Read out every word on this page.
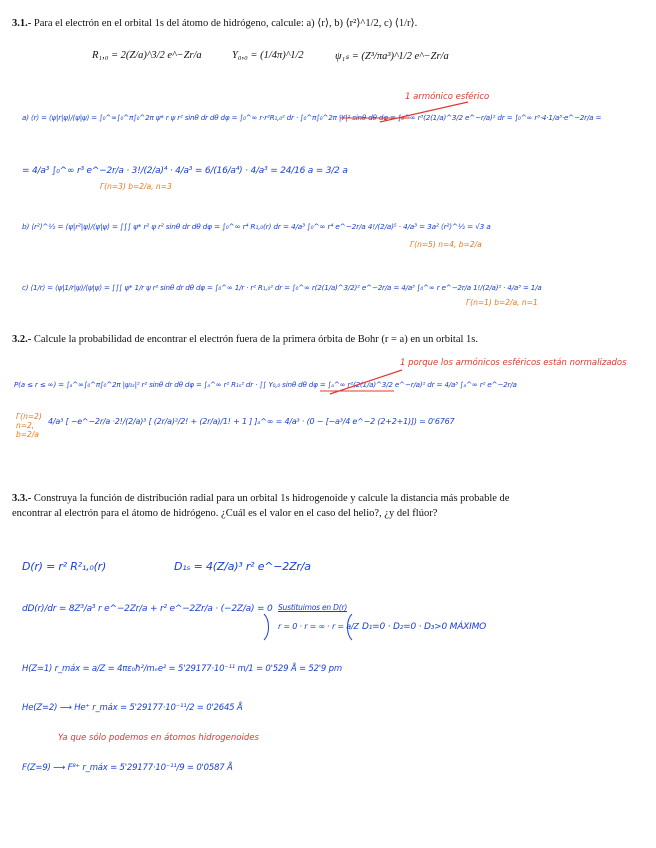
3.1.- Para el electrón en el orbital 1s del átomo de hidrógeno, calcule: a) ⟨r⟩, b) ⟨r²⟩^1/2, c) ⟨1/r⟩.
R₁,₀ = 2(Z/a)^3/2 e^−Zr/a	Y₀,₀ = (1/4π)^1/2	ψ₁ₛ = (Z³/πa³)^1/2 e^−Zr/a
a) ⟨r⟩ = ⟨ψ|r|ψ⟩/⟨ψ|ψ⟩ = ∫₀^∞∫₀^π∫₀^2π ψ* r ψ r² sinθ dr dθ dφ = ∫₀^∞ r·r²R₁,₀² dr · ∫₀^π∫₀^2π |Y|² sinθ dθ dφ = ∫₀^∞ r³(2(1/a)^3/2 e^−r/a)² dr = ∫₀^∞ r³·4·1/a³·e^−2r/a =
= 4/a³ ∫₀^∞ r³ e^−2r/a · 3!/(2/a)⁴ · 4/a³ = 6/(16/a⁴) · 4/a³ = 24/16 a = 3/2 a
Γ(n=3) b=2/a, n=3
b) ⟨r²⟩^½ = ⟨ψ|r²|ψ⟩/⟨ψ|ψ⟩ = ∫∫∫ ψ* r² ψ r² sinθ dr dθ dφ = ∫₀^∞ r⁴ R₁,₀(r) dr = 4/a³ ∫₀^∞ r⁴ e^−2r/a 4!/(2/a)⁵ · 4/a³ = 3a² ⟨r²⟩^½ = √3 a
Γ(n=5) n=4, b=2/a
c) ⟨1/r⟩ = ⟨ψ|1/r|ψ⟩/⟨ψ|ψ⟩ = ∫∫∫ ψ* 1/r ψ r² sinθ dr dθ dφ = ∫₀^∞ 1/r · r² R₁,₀² dr = ∫₀^∞ r(2(1/a)^3/2)² e^−2r/a = 4/a³ ∫₀^∞ r e^−2r/a 1!/(2/a)² · 4/a³ = 1/a
Γ(n=1) b=2/a, n=1
1 armónico esférico
3.2.- Calcule la probabilidad de encontrar el electrón fuera de la primera órbita de Bohr (r = a) en un orbital 1s.
1 porque los armónicos esféricos están normalizados
P(a ≤ r ≤ ∞) = ∫ₐ^∞∫₀^π∫₀^2π |ψ₁ₛ|² r² sinθ dr dθ dφ = ∫ₐ^∞ r² R₁ₛ² dr · ∫∫ Y₀,₀ sinθ dθ dφ = ∫ₐ^∞ r²(2(1/a)^3/2 e^−r/a)² dr = 4/a³ ∫ₐ^∞ r² e^−2r/a
4/a³ [ −e^−2r/a ·2!/(2/a)³ [ (2r/a)²/2! + (2r/a)/1! + 1 ] ]ₐ^∞ = 4/a³ · (0 − [−a³/4 e^−2 (2+2+1)]) = 0'6767
Γ(n=2) n=2, b=2/a
3.3.- Construya la función de distribución radial para un orbital 1s hidrogenoide y calcule la distancia más probable de encontrar al electrón para el átomo de hidrógeno. ¿Cuál es el valor en el caso del helio?, ¿y del flúor?
D(r) = r² R²₁,₀(r)	D₁ₛ = 4(Z/a)³ r² e^−2Zr/a
dD(r)/dr = 8Z³/a³ r e^−2Zr/a + r² e^−2Zr/a · (−2Z/a) = 0
r = 0 · r = ∞ · r = a/Z
Sustituimos en D(r)
D₁=0 · D₂=0 · D₃>0 MÁXIMO
H(Z=1) r_máx = a/Z = 4πε₀ħ²/mₑe² = 5'29177·10⁻¹¹ m/1 = 0'529 Å = 52'9 pm
He(Z=2) ⟶ He⁺ r_máx = 5'29177·10⁻¹¹/2 = 0'2645 Å
Ya que sólo podemos en átomos hidrogenoides
F(Z=9) ⟶ F⁸⁺ r_máx = 5'29177·10⁻¹¹/9 = 0'0587 Å
